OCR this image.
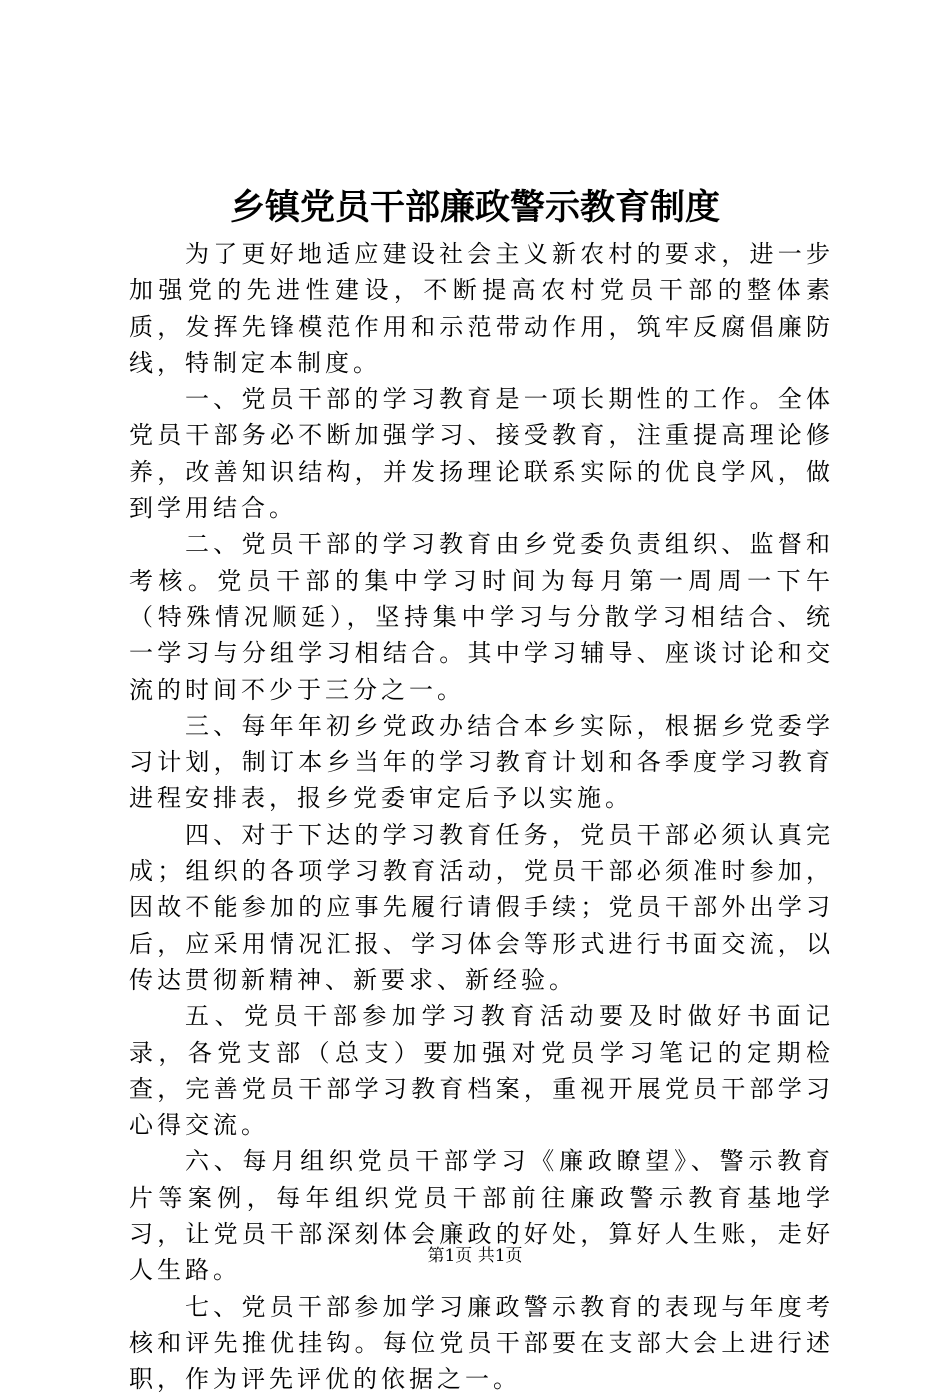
乡镇党员干部廉政警示教育制度

为了更好地适应建设社会主义新农村的要求，进一步加强党的先进性建设，不断提高农村党员干部的整体素质，发挥先锋模范作用和示范带动作用，筑牢反腐倡廉防线，特制定本制度。

一、党员干部的学习教育是一项长期性的工作。全体党员干部务必不断加强学习、接受教育，注重提高理论修养，改善知识结构，并发扬理论联系实际的优良学风，做到学用结合。

二、党员干部的学习教育由乡党委负责组织、监督和考核。党员干部的集中学习时间为每月第一周周一下午（特殊情况顺延），坚持集中学习与分散学习相结合、统一学习与分组学习相结合。其中学习辅导、座谈讨论和交流的时间不少于三分之一。

三、每年年初乡党政办结合本乡实际，根据乡党委学习计划，制订本乡当年的学习教育计划和各季度学习教育进程安排表，报乡党委审定后予以实施。

四、对于下达的学习教育任务，党员干部必须认真完成；组织的各项学习教育活动，党员干部必须准时参加，因故不能参加的应事先履行请假手续；党员干部外出学习后，应采用情况汇报、学习体会等形式进行书面交流，以传达贯彻新精神、新要求、新经验。

五、党员干部参加学习教育活动要及时做好书面记录，各党支部（总支）要加强对党员学习笔记的定期检查，完善党员干部学习教育档案，重视开展党员干部学习心得交流。

六、每月组织党员干部学习《廉政瞭望》、警示教育片等案例，每年组织党员干部前往廉政警示教育基地学习，让党员干部深刻体会廉政的好处，算好人生账，走好人生路。

七、党员干部参加学习廉政警示教育的表现与年度考核和评先推优挂钩。每位党员干部要在支部大会上进行述职，作为评先评优的依据之一。

第1页 共1页
